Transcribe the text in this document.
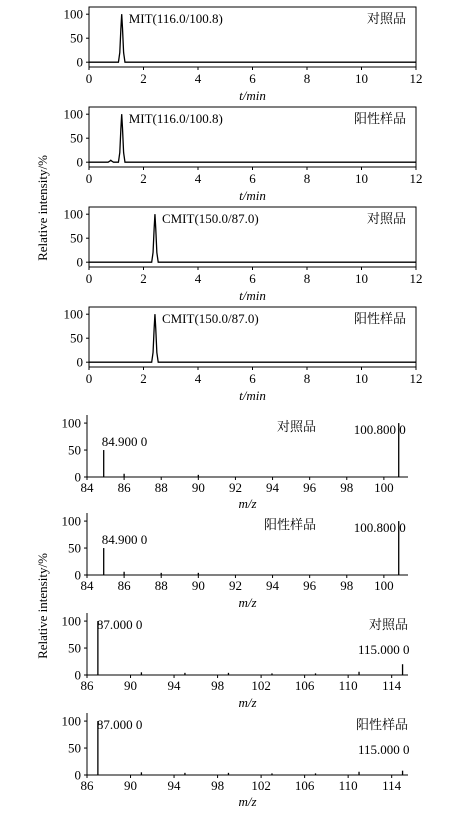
Relative intensity/%
Relative intensity/%
0
50
100
0	2	4	6	8	10	12
t/min
对照品
MIT(116.0/100.8)
0
50
100
0	2	4	6	8	10	12
t/min
阳性样品
MIT(116.0/100.8)
0
50
100
0	2	4	6	8	10	12
t/min
对照品
CMIT(150.0/87.0)
0
50
100
0	2	4	6	8	10	12
t/min
阳性样品
CMIT(150.0/87.0)
0
50
100
84 86 88 90 92 94 96 98 100
m/z
对照品
84.900 0
100.800 0
0
50
100
84 86 88 90 92 94 96 98 100
m/z
阳性样品
84.900 0
100.800 0
0
50
100
86 90 94 98 102 106 110 114
m/z
对照品
87.000 0
115.000 0
0
50
100
86 90 94 98 102 106 110 114
m/z
阳性样品
87.000 0
115.000 0
